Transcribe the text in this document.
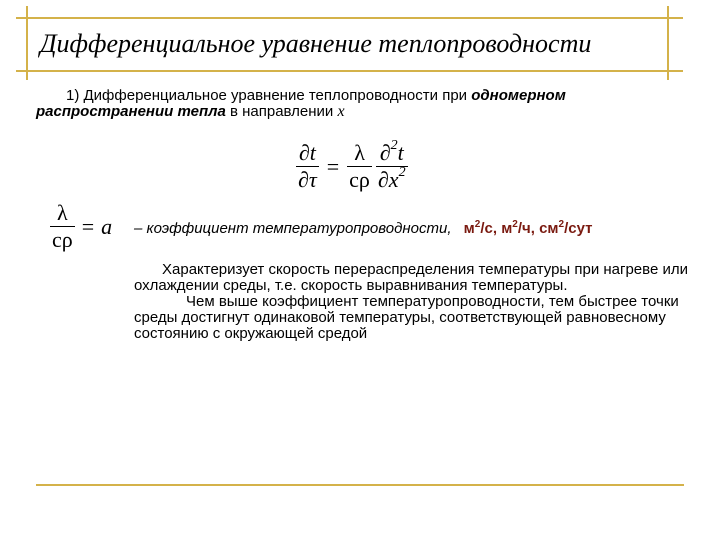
Дифференциальное уравнение теплопроводности
1) Дифференциальное уравнение теплопроводности при одномерном
распространении тепла в направлении x
$\frac{\partial t}{\partial\tau} = \frac{\lambda}{c\rho} \frac{\partial^2t}{\partial x^2}$
$\frac{\lambda}{c\rho} = a$ – коэффициент температуропроводности, $м^2/с$, $м^2/ч$, $см^2$/сут

Характеризует скорость перераспределения температуры при нагреве или охлаждении среды, т.е. скорость выравнивания температуры.

Чем выше коэффициент температуропроводности, тем быстрее точки среды достигнут одинаковой температуры, соответствующей равновесному состоянию с окружающей средой
